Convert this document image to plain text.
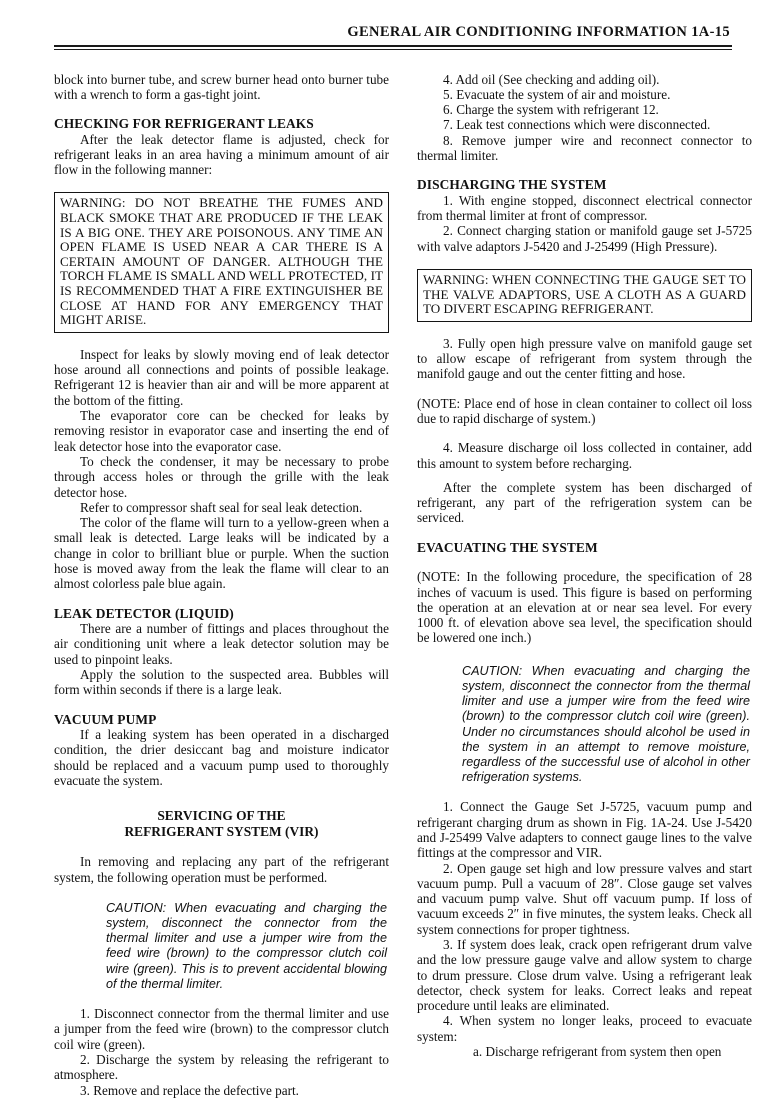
GENERAL AIR CONDITIONING INFORMATION 1A-15

block into burner tube, and screw burner head onto burner tube with a wrench to form a gas-tight joint.

CHECKING FOR REFRIGERANT LEAKS

After the leak detector flame is adjusted, check for refrigerant leaks in an area having a minimum amount of air flow in the following manner:

WARNING: DO NOT BREATHE THE FUMES AND BLACK SMOKE THAT ARE PRODUCED IF THE LEAK IS A BIG ONE. THEY ARE POISONOUS. ANY TIME AN OPEN FLAME IS USED NEAR A CAR THERE IS A CERTAIN AMOUNT OF DANGER. ALTHOUGH THE TORCH FLAME IS SMALL AND WELL PROTECTED, IT IS RECOMMENDED THAT A FIRE EXTINGUISHER BE CLOSE AT HAND FOR ANY EMERGENCY THAT MIGHT ARISE.

Inspect for leaks by slowly moving end of leak detector hose around all connections and points of possible leakage. Refrigerant 12 is heavier than air and will be more apparent at the bottom of the fitting.

The evaporator core can be checked for leaks by removing resistor in evaporator case and inserting the end of leak detector hose into the evaporator case.

To check the condenser, it may be necessary to probe through access holes or through the grille with the leak detector hose.

Refer to compressor shaft seal for seal leak detection.

The color of the flame will turn to a yellow-green when a small leak is detected. Large leaks will be indicated by a change in color to brilliant blue or purple. When the suction hose is moved away from the leak the flame will clear to an almost colorless pale blue again.

LEAK DETECTOR (LIQUID)

There are a number of fittings and places throughout the air conditioning unit where a leak detector solution may be used to pinpoint leaks.

Apply the solution to the suspected area. Bubbles will form within seconds if there is a large leak.

VACUUM PUMP

If a leaking system has been operated in a discharged condition, the drier desiccant bag and moisture indicator should be replaced and a vacuum pump used to thoroughly evacuate the system.

SERVICING OF THE
REFRIGERANT SYSTEM (VIR)

In removing and replacing any part of the refrigerant system, the following operation must be performed.

CAUTION: When evacuating and charging the system, disconnect the connector from the thermal limiter and use a jumper wire from the feed wire (brown) to the compressor clutch coil wire (green). This is to prevent accidental blowing of the thermal limiter.

1. Disconnect connector from the thermal limiter and use a jumper from the feed wire (brown) to the compressor clutch coil wire (green).

2. Discharge the system by releasing the refrigerant to atmosphere.

3. Remove and replace the defective part.

4. Add oil (See checking and adding oil).

5. Evacuate the system of air and moisture.

6. Charge the system with refrigerant 12.

7. Leak test connections which were disconnected.

8. Remove jumper wire and reconnect connector to thermal limiter.

DISCHARGING THE SYSTEM

1. With engine stopped, disconnect electrical connector from thermal limiter at front of compressor.

2. Connect charging station or manifold gauge set J-5725 with valve adaptors J-5420 and J-25499 (High Pressure).

WARNING: WHEN CONNECTING THE GAUGE SET TO THE VALVE ADAPTORS, USE A CLOTH AS A GUARD TO DIVERT ESCAPING REFRIGERANT.

3. Fully open high pressure valve on manifold gauge set to allow escape of refrigerant from system through the manifold gauge and out the center fitting and hose.

(NOTE: Place end of hose in clean container to collect oil loss due to rapid discharge of system.)

4. Measure discharge oil loss collected in container, add this amount to system before recharging.

After the complete system has been discharged of refrigerant, any part of the refrigeration system can be serviced.

EVACUATING THE SYSTEM

(NOTE: In the following procedure, the specification of 28 inches of vacuum is used. This figure is based on performing the operation at an elevation at or near sea level. For every 1000 ft. of elevation above sea level, the specification should be lowered one inch.)

CAUTION: When evacuating and charging the system, disconnect the connector from the thermal limiter and use a jumper wire from the feed wire (brown) to the compressor clutch coil wire (green). Under no circumstances should alcohol be used in the system in an attempt to remove moisture, regardless of the successful use of alcohol in other refrigeration systems.

1. Connect the Gauge Set J-5725, vacuum pump and refrigerant charging drum as shown in Fig. 1A-24. Use J-5420 and J-25499 Valve adapters to connect gauge lines to the valve fittings at the compressor and VIR.

2. Open gauge set high and low pressure valves and start vacuum pump. Pull a vacuum of 28″. Close gauge set valves and vacuum pump valve. Shut off vacuum pump. If loss of vacuum exceeds 2″ in five minutes, the system leaks. Check all system connections for proper tightness.

3. If system does leak, crack open refrigerant drum valve and the low pressure gauge valve and allow system to charge to drum pressure. Close drum valve. Using a refrigerant leak detector, check system for leaks. Correct leaks and repeat procedure until leaks are eliminated.

4. When system no longer leaks, proceed to evacuate system:

a. Discharge refrigerant from system then open
